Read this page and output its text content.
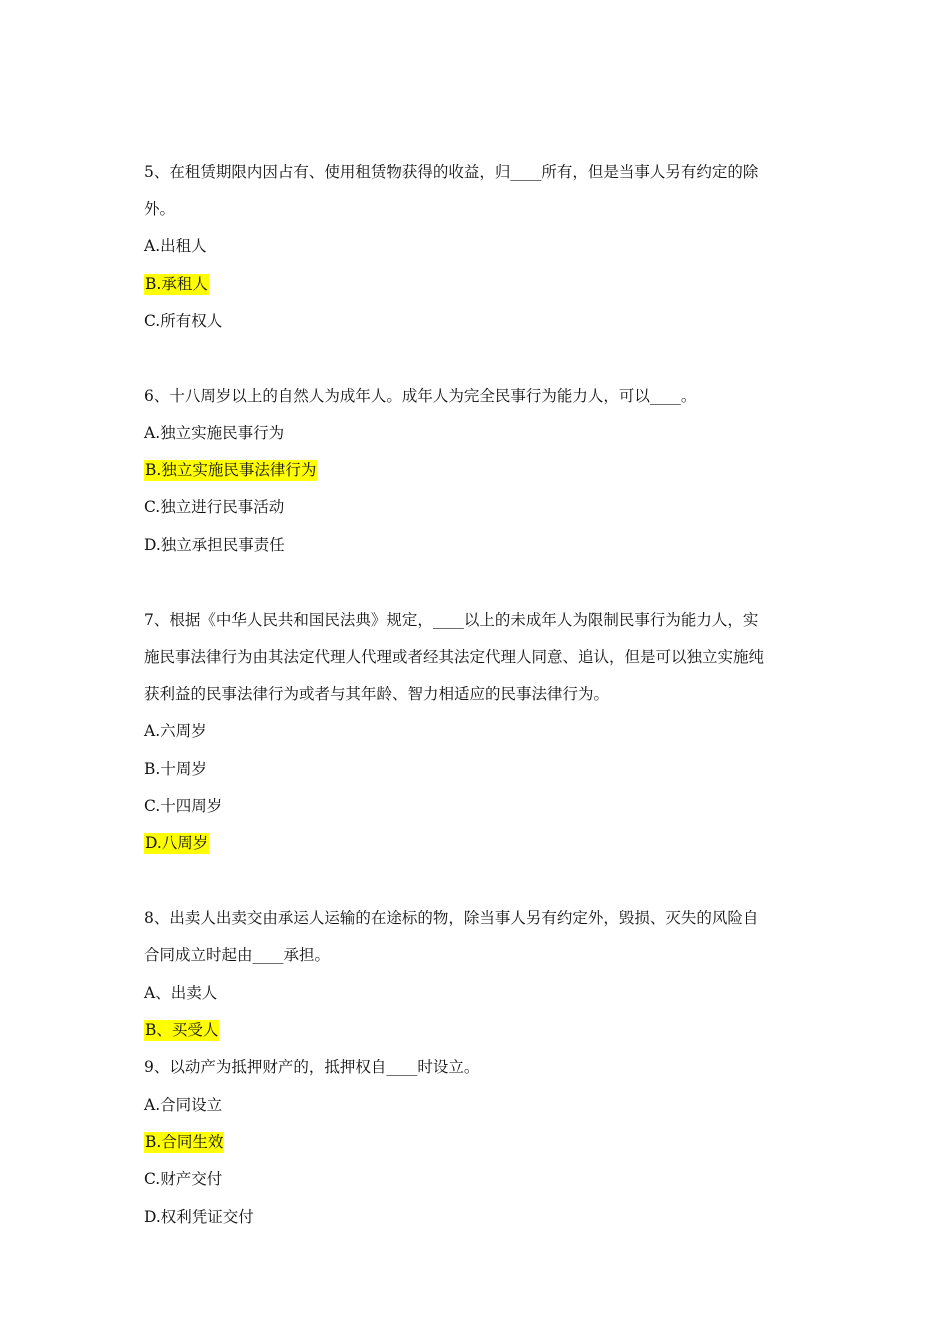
5、在租赁期限内因占有、使用租赁物获得的收益，归____所有，但是当事人另有约定的除
外。
A.出租人
B.承租人
C.所有权人
6、十八周岁以上的自然人为成年人。成年人为完全民事行为能力人，可以____。
A.独立实施民事行为
B.独立实施民事法律行为
C.独立进行民事活动
D.独立承担民事责任
7、根据《中华人民共和国民法典》规定，____以上的未成年人为限制民事行为能力人，实
施民事法律行为由其法定代理人代理或者经其法定代理人同意、追认，但是可以独立实施纯
获利益的民事法律行为或者与其年龄、智力相适应的民事法律行为。
A.六周岁
B.十周岁
C.十四周岁
D.八周岁
8、出卖人出卖交由承运人运输的在途标的物，除当事人另有约定外，毁损、灭失的风险自
合同成立时起由____承担。
A、出卖人
B、买受人
9、以动产为抵押财产的，抵押权自____时设立。
A.合同设立
B.合同生效
C.财产交付
D.权利凭证交付
